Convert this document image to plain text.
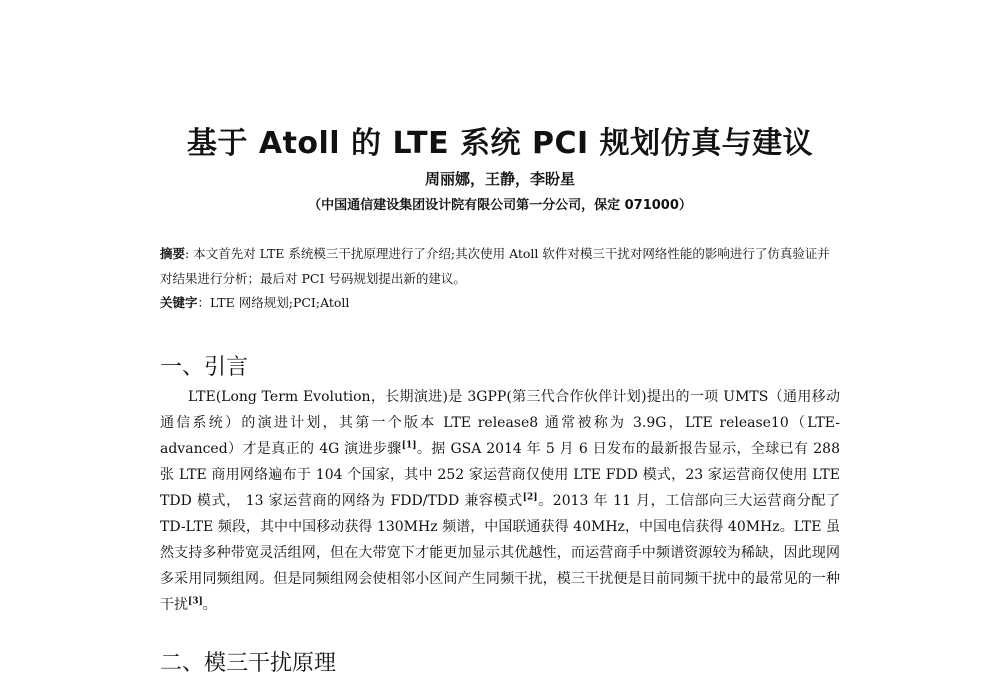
基于 Atoll 的 LTE 系统 PCI 规划仿真与建议
周丽娜，王静，李盼星
（中国通信建设集团设计院有限公司第一分公司，保定 071000）
摘要: 本文首先对 LTE 系统模三干扰原理进行了介绍;其次使用 Atoll 软件对模三干扰对网络性能的影响进行了仿真验证并对结果进行分析；最后对 PCI 号码规划提出新的建议。
关键字：LTE 网络规划;PCI;Atoll
一、引言
LTE(Long Term Evolution，长期演进)是 3GPP(第三代合作伙伴计划)提出的一项 UMTS（通用移动通信系统）的演进计划，其第一个版本 LTE release8 通常被称为 3.9G，LTE release10（LTE-advanced）才是真正的 4G 演进步骤[1]。据 GSA 2014 年 5 月 6 日发布的最新报告显示，全球已有 288 张 LTE 商用网络遍布于 104 个国家，其中 252 家运营商仅使用 LTE FDD 模式，23 家运营商仅使用 LTE TDD 模式， 13 家运营商的网络为 FDD/TDD 兼容模式[2]。2013 年 11 月，工信部向三大运营商分配了 TD-LTE 频段，其中中国移动获得 130MHz 频谱，中国联通获得 40MHz，中国电信获得 40MHz。LTE 虽然支持多种带宽灵活组网，但在大带宽下才能更加显示其优越性，而运营商手中频谱资源较为稀缺，因此现网多采用同频组网。但是同频组网会使相邻小区间产生同频干扰，模三干扰便是目前同频干扰中的最常见的一种干扰[3]。
二、模三干扰原理
